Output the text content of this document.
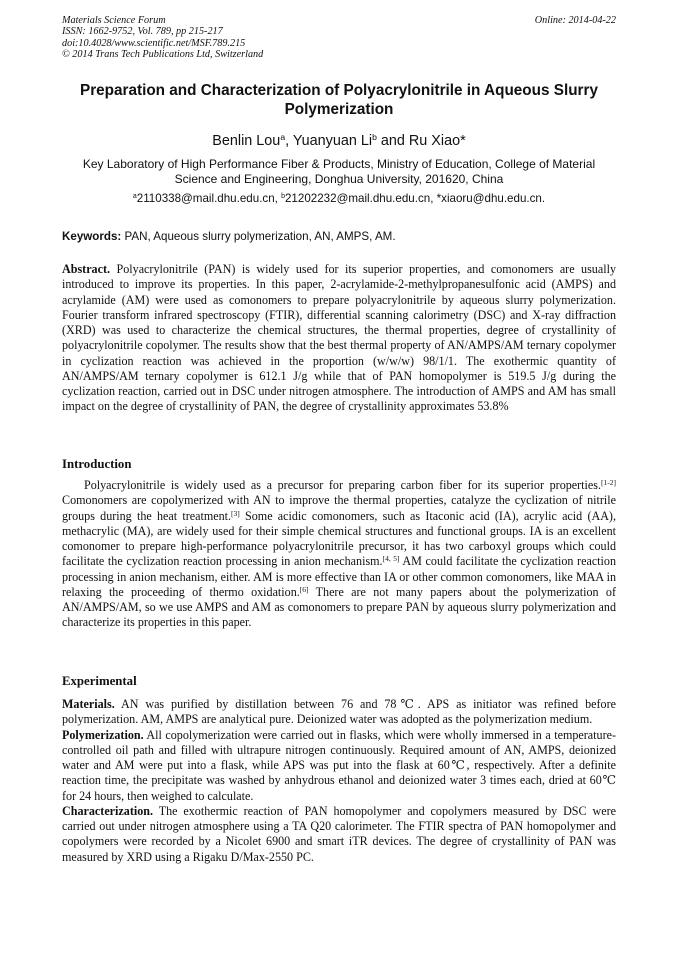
Materials Science Forum
ISSN: 1662-9752, Vol. 789, pp 215-217
doi:10.4028/www.scientific.net/MSF.789.215
© 2014 Trans Tech Publications Ltd, Switzerland
Online: 2014-04-22
Preparation and Characterization of Polyacrylonitrile in Aqueous Slurry Polymerization
Benlin Lou$^a$, Yuanyuan Li$^b$ and Ru Xiao*
Key Laboratory of High Performance Fiber & Products, Ministry of Education, College of Material Science and Engineering, Donghua University, 201620, China
$^a$2110338@mail.dhu.edu.cn, $^b$21202232@mail.dhu.edu.cn, *xiaoru@dhu.edu.cn.
Keywords: PAN, Aqueous slurry polymerization, AN, AMPS, AM.
Abstract. Polyacrylonitrile (PAN) is widely used for its superior properties, and comonomers are usually introduced to improve its properties. In this paper, 2-acrylamide-2-methylpropanesulfonic acid (AMPS) and acrylamide (AM) were used as comonomers to prepare polyacrylonitrile by aqueous slurry polymerization. Fourier transform infrared spectroscopy (FTIR), differential scanning calorimetry (DSC) and X-ray diffraction (XRD) was used to characterize the chemical structures, the thermal properties, degree of crystallinity of polyacrylonitrile copolymer. The results show that the best thermal property of AN/AMPS/AM ternary copolymer in cyclization reaction was achieved in the proportion (w/w/w) 98/1/1. The exothermic quantity of AN/AMPS/AM ternary copolymer is 612.1 J/g while that of PAN homopolymer is 519.5 J/g during the cyclization reaction, carried out in DSC under nitrogen atmosphere. The introduction of AMPS and AM has small impact on the degree of crystallinity of PAN, the degree of crystallinity approximates 53.8%
Introduction

Polyacrylonitrile is widely used as a precursor for preparing carbon fiber for its superior properties.[1-2] Comonomers are copolymerized with AN to improve the thermal properties, catalyze the cyclization of nitrile groups during the heat treatment.[3] Some acidic comonomers, such as Itaconic acid (IA), acrylic acid (AA), methacrylic (MA), are widely used for their simple chemical structures and functional groups. IA is an excellent comonomer to prepare high-performance polyacrylonitrile precursor, it has two carboxyl groups which could facilitate the cyclization reaction processing in anion mechanism.[4, 5] AM could facilitate the cyclization reaction processing in anion mechanism, either. AM is more effective than IA or other common comonomers, like MAA in relaxing the proceeding of thermo oxidation.[6] There are not many papers about the polymerization of AN/AMPS/AM, so we use AMPS and AM as comonomers to prepare PAN by aqueous slurry polymerization and characterize its properties in this paper.

Experimental

Materials. AN was purified by distillation between 76 and 78℃. APS as initiator was refined before polymerization. AM, AMPS are analytical pure. Deionized water was adopted as the polymerization medium.

Polymerization. All copolymerization were carried out in flasks, which were wholly immersed in a temperature-controlled oil path and filled with ultrapure nitrogen continuously. Required amount of AN, AMPS, deionized water and AM were put into a flask, while APS was put into the flask at 60℃, respectively. After a definite reaction time, the precipitate was washed by anhydrous ethanol and deionized water 3 times each, dried at 60℃ for 24 hours, then weighed to calculate.

Characterization. The exothermic reaction of PAN homopolymer and copolymers measured by DSC were carried out under nitrogen atmosphere using a TA Q20 calorimeter. The FTIR spectra of PAN homopolymer and copolymers were recorded by a Nicolet 6900 and smart iTR devices. The degree of crystallinity of PAN was measured by XRD using a Rigaku D/Max-2550 PC.
